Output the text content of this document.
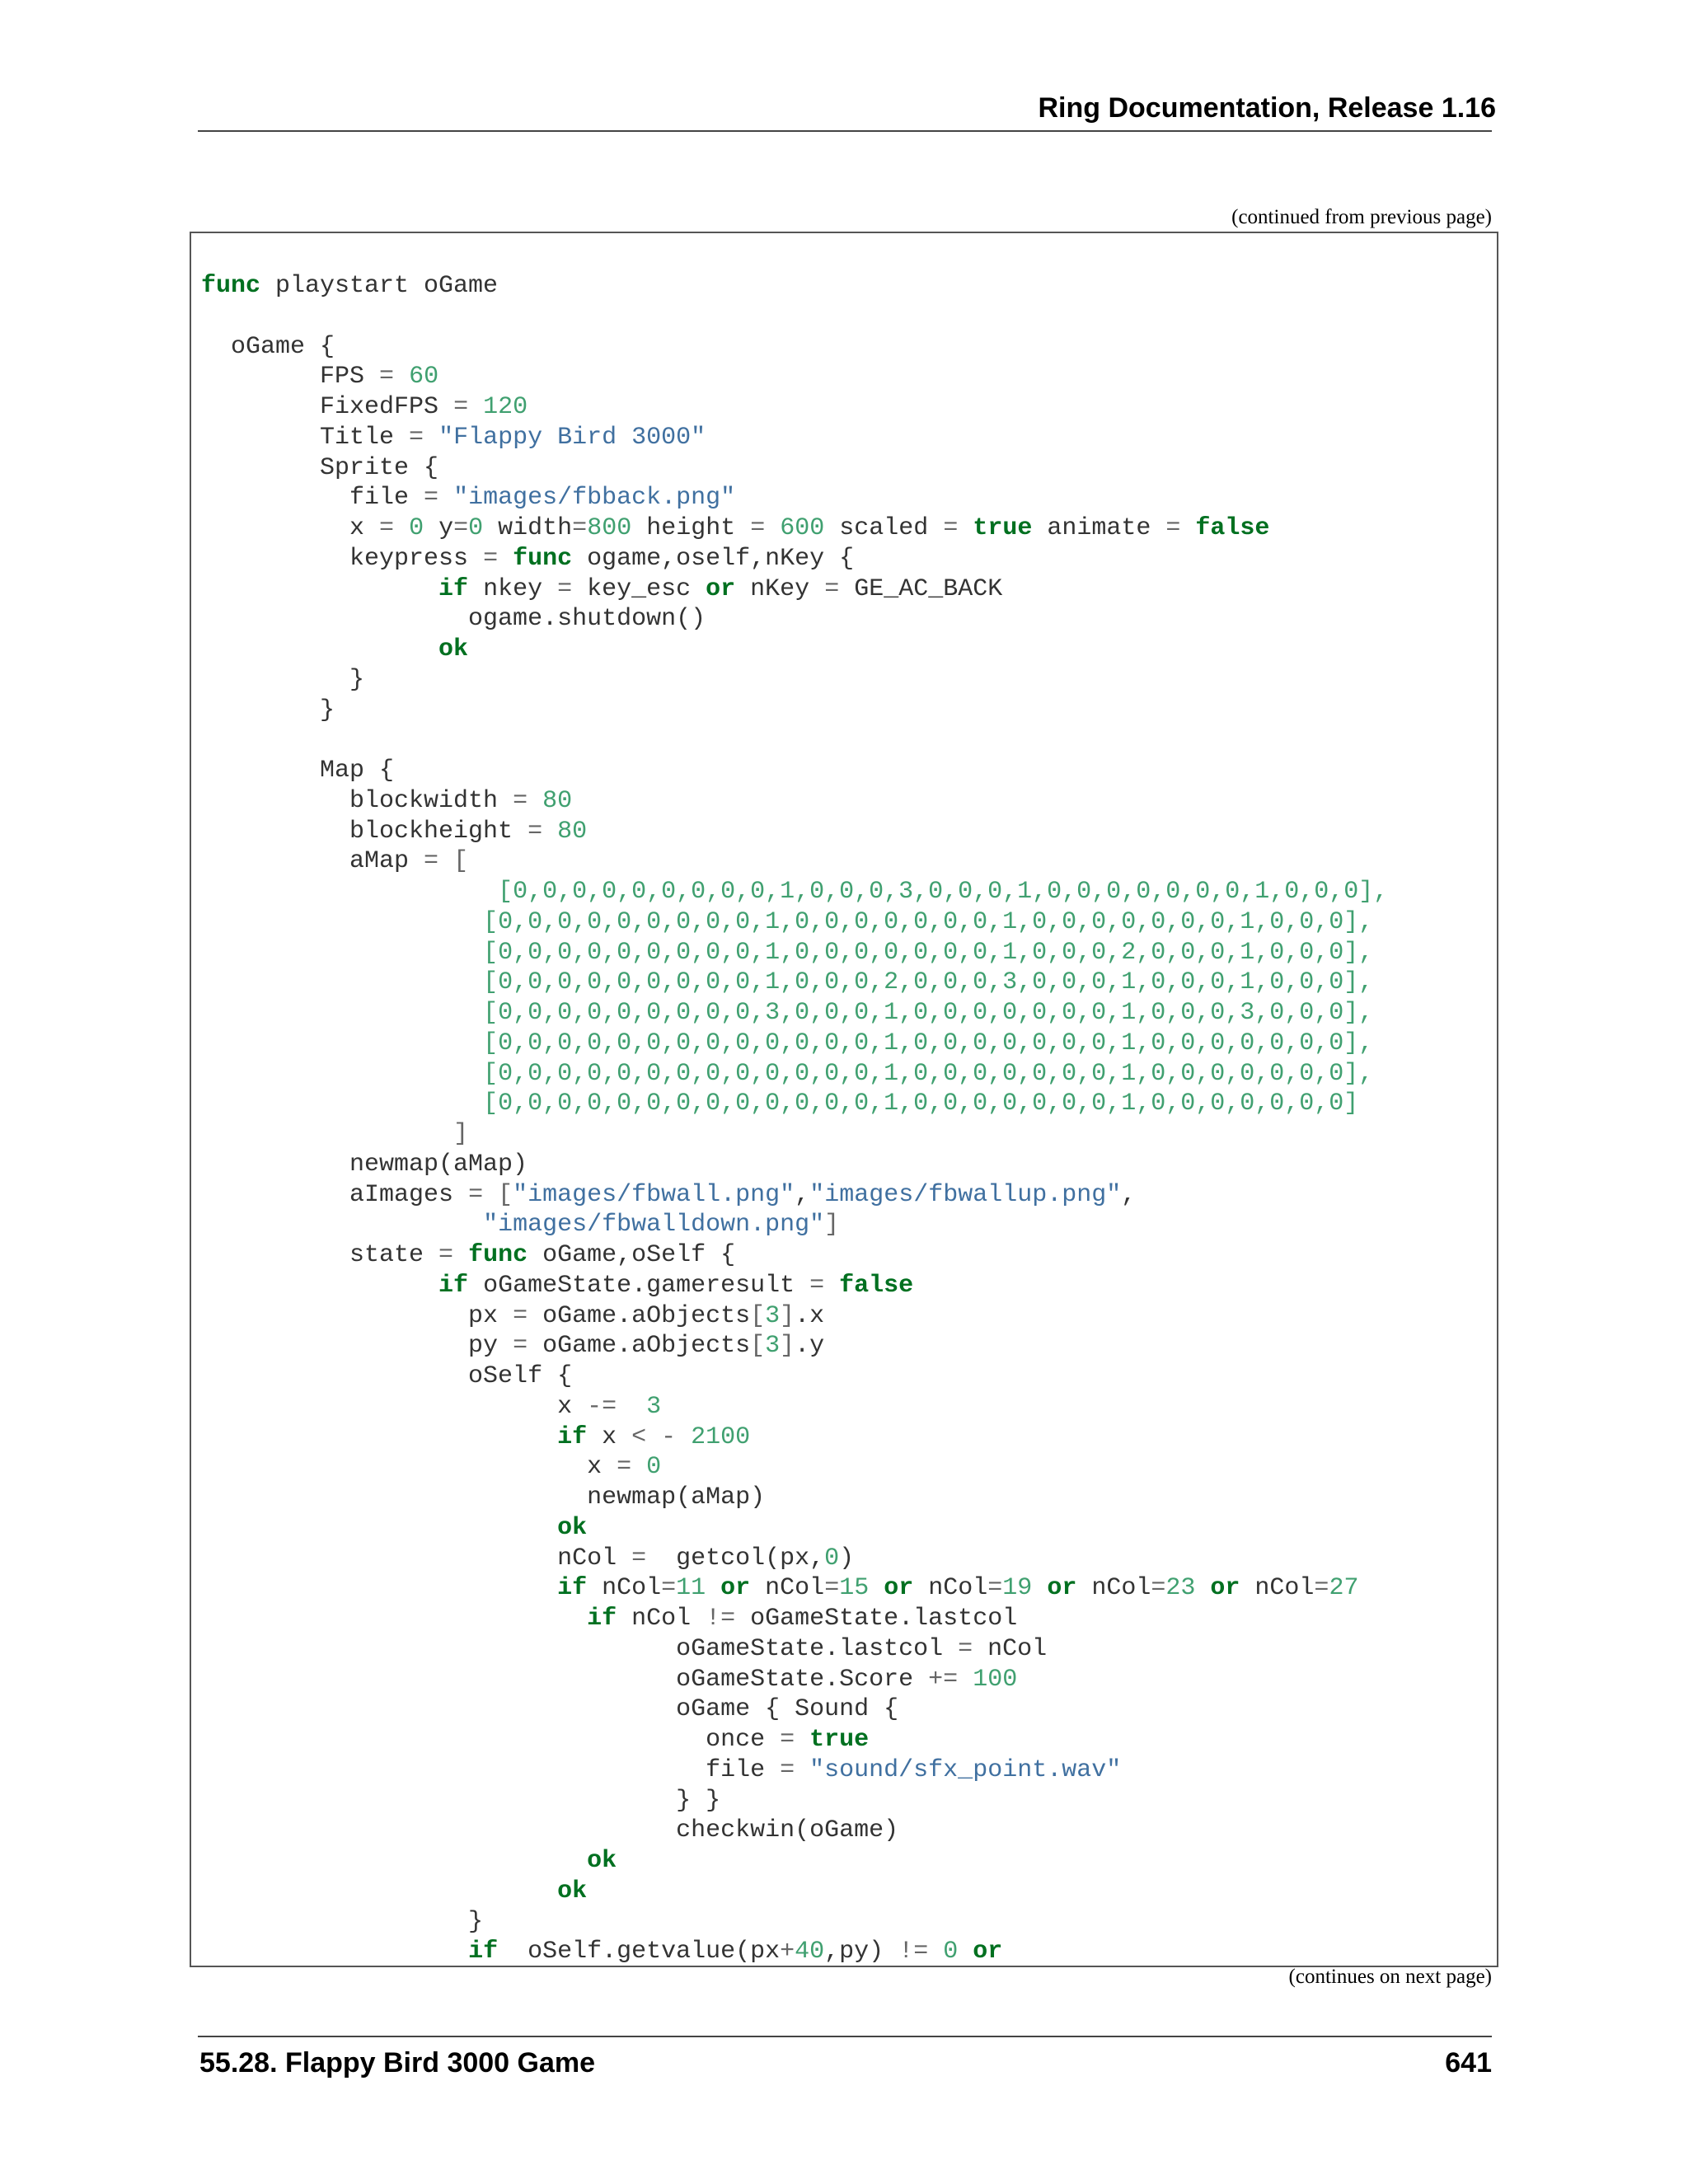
Ring Documentation, Release 1.16
(continued from previous page)
func playstart oGame

oGame {
FPS = 60
FixedFPS = 120
Title = "Flappy Bird 3000"
Sprite {
file = "images/fbback.png"
x = 0 y=0 width=800 height = 600 scaled = true animate = false
keypress = func ogame,oself,nKey {
if nkey = key_esc or nKey = GE_AC_BACK
ogame.shutdown()
ok
}
}

Map {
blockwidth = 80
blockheight = 80
aMap = [
[0,0,0,0,0,0,0,0,0,1,0,0,0,3,0,0,0,1,0,0,0,0,0,0,0,1,0,0,0],
[0,0,0,0,0,0,0,0,0,1,0,0,0,0,0,0,0,1,0,0,0,0,0,0,0,1,0,0,0],
[0,0,0,0,0,0,0,0,0,1,0,0,0,0,0,0,0,1,0,0,0,2,0,0,0,1,0,0,0],
[0,0,0,0,0,0,0,0,0,1,0,0,0,2,0,0,0,3,0,0,0,1,0,0,0,1,0,0,0],
[0,0,0,0,0,0,0,0,0,3,0,0,0,1,0,0,0,0,0,0,0,1,0,0,0,3,0,0,0],
[0,0,0,0,0,0,0,0,0,0,0,0,0,1,0,0,0,0,0,0,0,1,0,0,0,0,0,0,0],
[0,0,0,0,0,0,0,0,0,0,0,0,0,1,0,0,0,0,0,0,0,1,0,0,0,0,0,0,0],
[0,0,0,0,0,0,0,0,0,0,0,0,0,1,0,0,0,0,0,0,0,1,0,0,0,0,0,0,0]
]
newmap(aMap)
aImages = ["images/fbwall.png","images/fbwallup.png",
"images/fbwalldown.png"]
state = func oGame,oSelf {
if oGameState.gameresult = false
px = oGame.aObjects[3].x
py = oGame.aObjects[3].y
oSelf {
x -= 3
if x < - 2100
x = 0
newmap(aMap)
ok
nCol =  getcol(px,0)
if nCol=11 or nCol=15 or nCol=19 or nCol=23 or nCol=27
if nCol != oGameState.lastcol
oGameState.lastcol = nCol
oGameState.Score += 100
oGame { Sound {
once = true
file = "sound/sfx_point.wav"
} }
checkwin(oGame)
ok
ok
}
if  oSelf.getvalue(px+40,py) != 0 or
(continues on next page)
55.28. Flappy Bird 3000 Game	641
